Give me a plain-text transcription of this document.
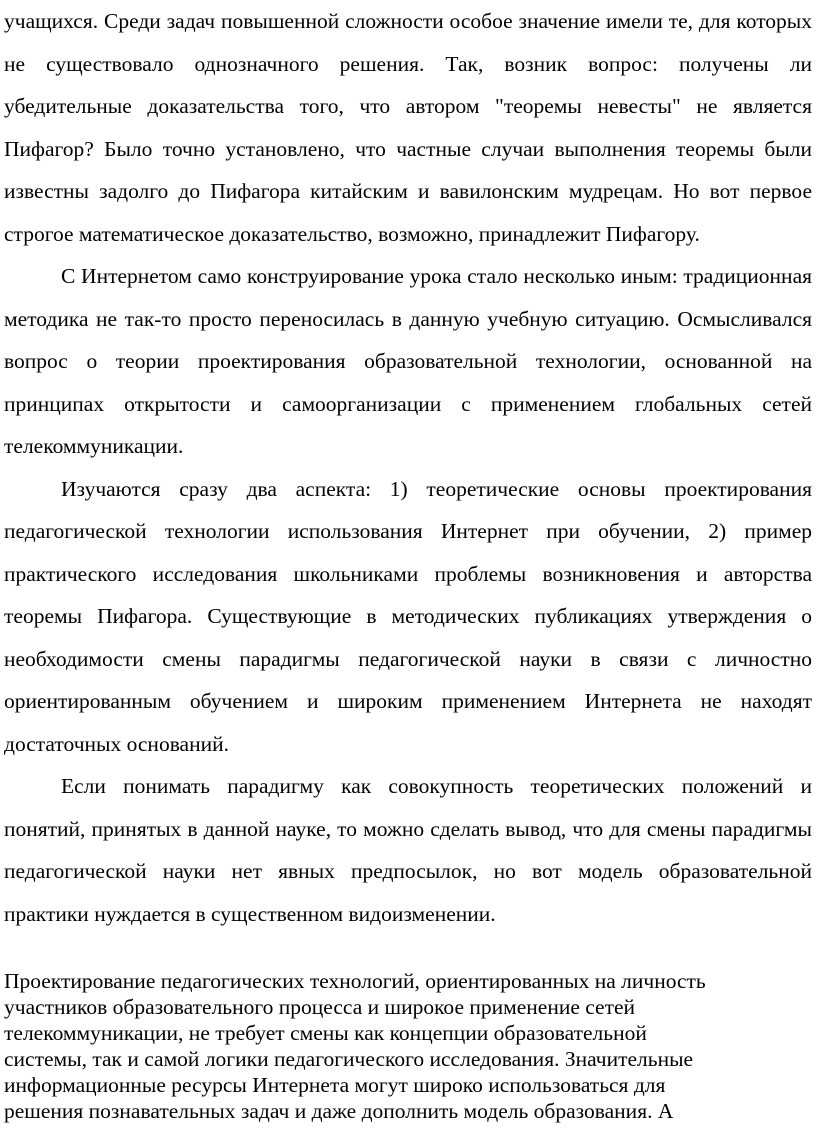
учащихся. Среди задач повышенной сложности особое значение имели те, для которых не существовало однозначного решения. Так, возник вопрос: получены ли убедительные доказательства того, что автором "теоремы невесты" не является Пифагор? Было точно установлено, что частные случаи выполнения теоремы были известны задолго до Пифагора китайским и вавилонским мудрецам. Но вот первое строгое математическое доказательство, возможно, принадлежит Пифагору.

С Интернетом само конструирование урока стало несколько иным: традиционная методика не так-то просто переносилась в данную учебную ситуацию. Осмысливался вопрос о теории проектирования образовательной технологии, основанной на принципах открытости и самоорганизации с применением глобальных сетей телекоммуникации.

Изучаются сразу два аспекта: 1) теоретические основы проектирования педагогической технологии использования Интернет при обучении, 2) пример практического исследования школьниками проблемы возникновения и авторства теоремы Пифагора. Существующие в методических публикациях утверждения о необходимости смены парадигмы педагогической науки в связи с личностно ориентированным обучением и широким применением Интернета не находят достаточных оснований.

Если понимать парадигму как совокупность теоретических положений и понятий, принятых в данной науке, то можно сделать вывод, что для смены парадигмы педагогической науки нет явных предпосылок, но вот модель образовательной практики нуждается в существенном видоизменении.

Проектирование педагогических технологий, ориентированных на личность

участников образовательного процесса и широкое применение сетей

телекоммуникации, не требует смены как концепции образовательной

системы, так и самой логики педагогического исследования. Значительные

информационные ресурсы Интернета могут широко использоваться для

решения познавательных задач и даже дополнить модель образования. А
